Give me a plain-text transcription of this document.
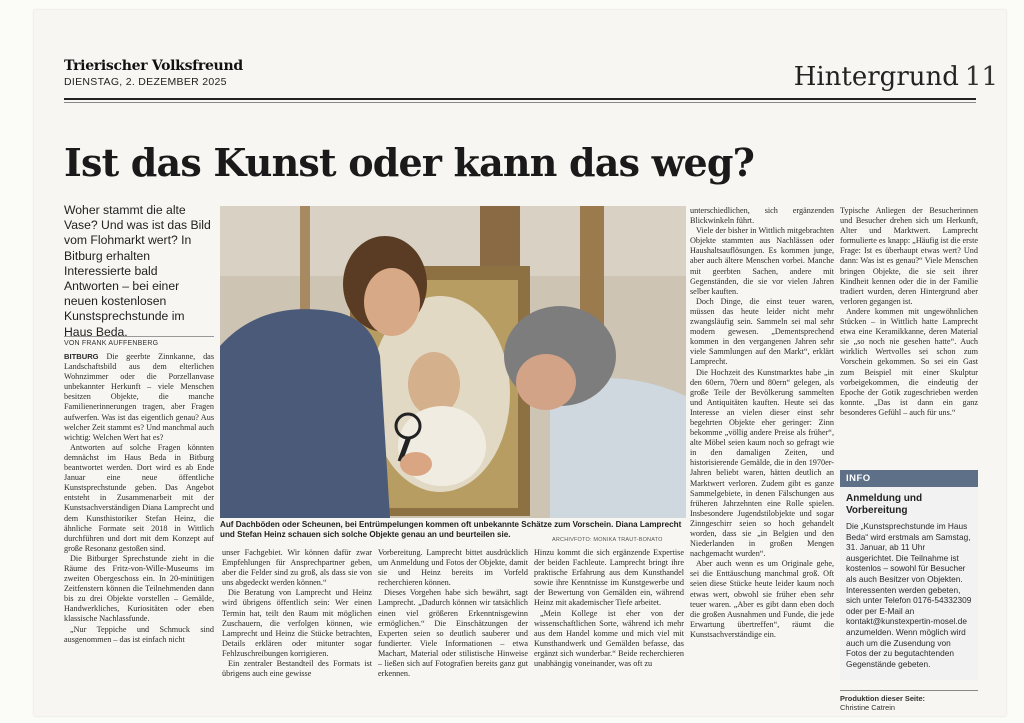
Trierischer Volksfreund
DIENSTAG, 2. DEZEMBER 2025	Hintergrund 11
Ist das Kunst oder kann das weg?
Woher stammt die alte Vase? Und was ist das Bild vom Flohmarkt wert? In Bitburg erhalten Interessierte bald Antworten – bei einer neuen kostenlosen Kunstsprechstunde im Haus Beda.
VON FRANK AUFFENBERG

BITBURG Die geerbte Zinnkanne, das Landschaftsbild aus dem elterlichen Wohnzimmer oder die Porzellanvase unbekannter Herkunft – viele Menschen besitzen Objekte, die manche Familienerinnerungen tragen, aber Fragen aufwerfen. Was ist das eigentlich genau? Aus welcher Zeit stammt es? Und manchmal auch wichtig: Welchen Wert hat es?

Antworten auf solche Fragen könnten demnächst im Haus Beda in Bitburg beantwortet werden. Dort wird es ab Ende Januar eine neue öffentliche Kunstsprechstunde geben. Das Angebot entsteht in Zusammenarbeit mit der Kunstsachverständigen Diana Lamprecht und dem Kunsthistoriker Stefan Heinz, die ähnliche Formate seit 2018 in Wittlich durchführen und dort mit dem Konzept auf große Resonanz gestoßen sind.

Die Bitburger Sprechstunde zieht in die Räume des Fritz-von-Wille-Museums im zweiten Obergeschoss ein. In 20-minütigen Zeitfenstern können die Teilnehmenden dann bis zu drei Objekte vorstellen – Gemälde, Handwerkliches, Kuriositäten oder eben klassische Nachlassfunde.

„Nur Teppiche und Schmuck sind ausgenommen – das ist einfach nicht

Auf Dachböden oder Scheunen, bei Entrümpelungen kommen oft unbekannte Schätze zum Vorschein. Diana Lamprecht und Stefan Heinz schauen sich solche Objekte genau an und beurteilen sie.
ARCHIVFOTO: MONIKA TRAUT-BONATO

unser Fachgebiet. Wir können dafür zwar Empfehlungen für Ansprechpartner geben, aber die Felder sind zu groß, als dass sie von uns abgedeckt werden können.“

Die Beratung von Lamprecht und Heinz wird übrigens öffentlich sein: Wer einen Termin hat, teilt den Raum mit möglichen Zuschauern, die verfolgen können, wie Lamprecht und Heinz die Stücke betrachten, Details erklären oder mitunter sogar Fehlzuschreibungen korrigieren.

Ein zentraler Bestandteil des Formats ist übrigens auch eine gewisse

Vorbereitung. Lamprecht bittet ausdrücklich um Anmeldung und Fotos der Objekte, damit sie und Heinz bereits im Vorfeld recherchieren können.

Dieses Vorgehen habe sich bewährt, sagt Lamprecht. „Dadurch können wir tatsächlich einen viel größeren Erkenntnisgewinn ermöglichen.“ Die Einschätzungen der Experten seien so deutlich sauberer und fundierter. Viele Informationen – etwa Machart, Material oder stilistische Hinweise – ließen sich auf Fotografien bereits ganz gut erkennen.

Hinzu kommt die sich ergänzende Expertise der beiden Fachleute. Lamprecht bringt ihre praktische Erfahrung aus dem Kunsthandel sowie ihre Kenntnisse im Kunstgewerbe und der Bewertung von Gemälden ein, während Heinz mit akademischer Tiefe arbeitet.

„Mein Kollege ist eher von der wissenschaftlichen Sorte, während ich mehr aus dem Handel komme und mich viel mit Kunsthandwerk und Gemälden befasse, das ergänzt sich wunderbar.“ Beide recherchieren unabhängig voneinander, was oft zu

unterschiedlichen, sich ergänzenden Blickwinkeln führt.

Viele der bisher in Wittlich mitgebrachten Objekte stammten aus Nachlässen oder Haushaltsauflösungen. Es kommen junge, aber auch ältere Menschen vorbei. Manche mit geerbten Sachen, andere mit Gegenständen, die sie vor vielen Jahren selber kauften.

Doch Dinge, die einst teuer waren, müssen das heute leider nicht mehr zwangsläufig sein. Sammeln sei mal sehr modern gewesen. „Dementsprechend kommen in den vergangenen Jahren sehr viele Sammlungen auf den Markt“, erklärt Lamprecht.

Die Hochzeit des Kunstmarktes habe „in den 60ern, 70ern und 80ern“ gelegen, als große Teile der Bevölkerung sammelten und Antiquitäten kauften. Heute sei das Interesse an vielen dieser einst sehr begehrten Objekte eher geringer: Zinn bekomme „völlig andere Preise als früher“, alte Möbel seien kaum noch so gefragt wie in den damaligen Zeiten, und historisierende Gemälde, die in den 1970er-Jahren beliebt waren, hätten deutlich an Marktwert verloren. Zudem gibt es ganze Sammelgebiete, in denen Fälschungen aus früheren Jahrzehnten eine Rolle spielen. Insbesondere Jugendstilobjekte und sogar Zinngeschirr seien so hoch gehandelt worden, dass sie „in Belgien und den Niederlanden in großen Mengen nachgemacht wurden“.

Aber auch wenn es um Originale gehe, sei die Enttäuschung manchmal groß. Oft seien diese Stücke heute leider kaum noch etwas wert, obwohl sie früher eben sehr teuer waren. „Aber es gibt dann eben doch die großen Ausnahmen und Funde, die jede Erwartung übertreffen“, räumt die Kunstsachverständige ein.

Typische Anliegen der Besucherinnen und Besucher drehen sich um Herkunft, Alter und Marktwert. Lamprecht formulierte es knapp: „Häufig ist die erste Frage: Ist es überhaupt etwas wert? Und dann: Was ist es genau?“ Viele Menschen bringen Objekte, die sie seit ihrer Kindheit kennen oder die in der Familie tradiert wurden, deren Hintergrund aber verloren gegangen ist.

Andere kommen mit ungewöhnlichen Stücken – in Wittlich hatte Lamprecht etwa eine Keramikkanne, deren Material sie „so noch nie gesehen hatte“. Auch wirklich Wertvolles sei schon zum Vorschein gekommen. So sei ein Gast zum Beispiel mit einer Skulptur vorbeigekommen, die eindeutig der Epoche der Gotik zugeschrieben werden konnte. „Das ist dann ein ganz besonderes Gefühl – auch für uns.“

INFO
Anmeldung und Vorbereitung
Die „Kunstsprechstunde im Haus Beda“ wird erstmals am Samstag, 31. Januar, ab 11 Uhr ausgerichtet. Die Teilnahme ist kostenlos – sowohl für Besucher als auch Besitzer von Objekten. Interessenten werden gebeten, sich unter Telefon 0176-54332309 oder per E-Mail an kontakt@kunstexpertin-mosel.de anzumelden. Wenn möglich wird auch um die Zusendung von Fotos der zu begutachtenden Gegenstände gebeten.
Produktion dieser Seite:
Christine Catrein
